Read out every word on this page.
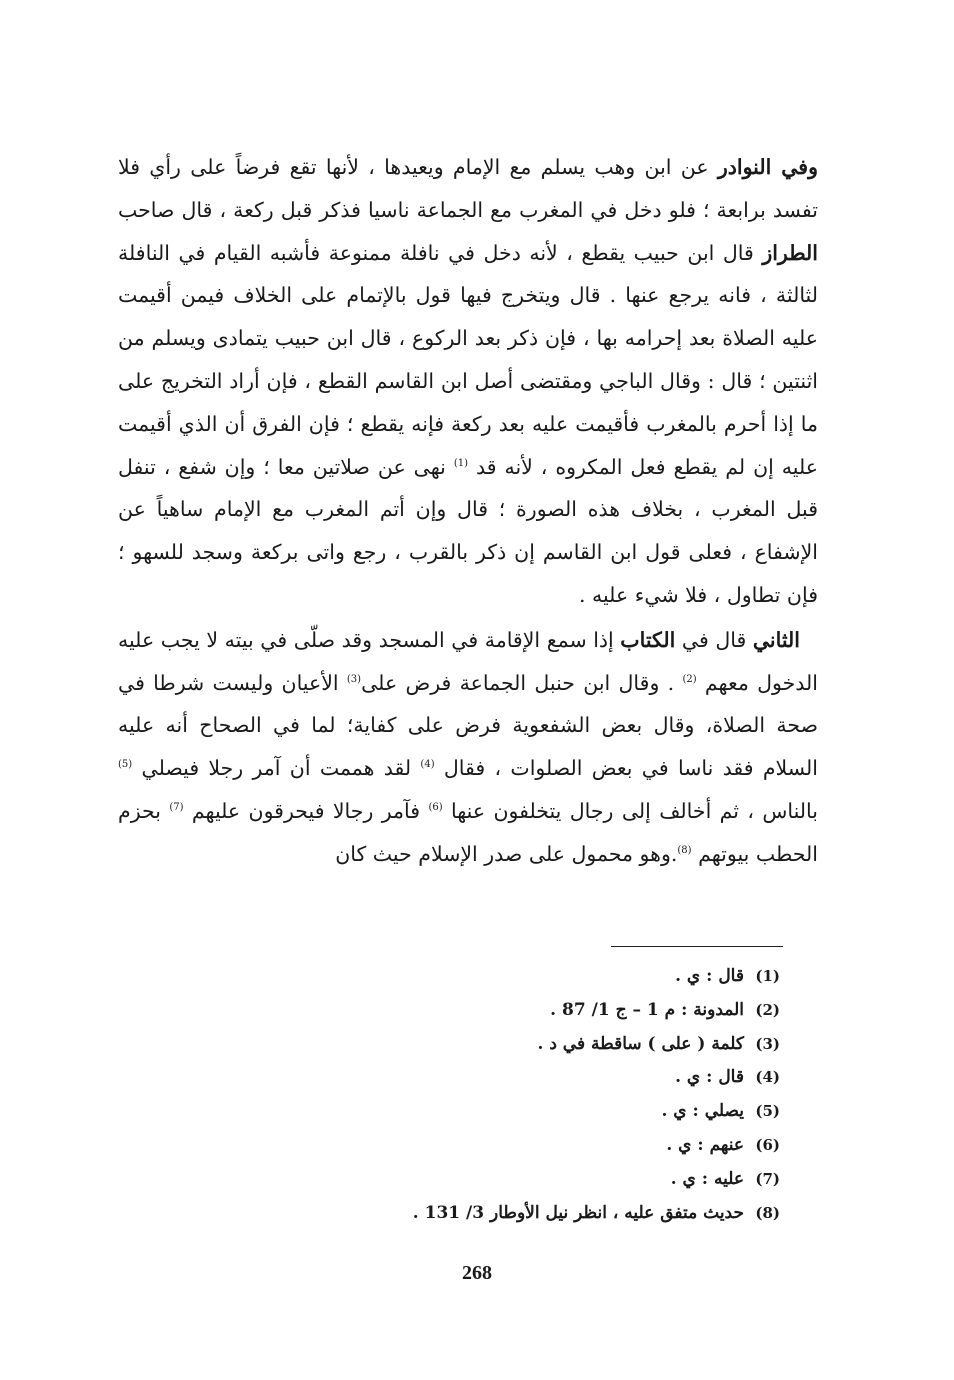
وفي النوادر عن ابن وهب يسلم مع الإمام ويعيدها ، لأنها تقع فرضاً على رأي فلا تفسد برابعة ؛ فلو دخل في المغرب مع الجماعة ناسيا فذكر قبل ركعة ، قال صاحب الطراز قال ابن حبيب يقطع ، لأنه دخل في نافلة ممنوعة فأشبه القيام في النافلة لثالثة ، فانه يرجع عنها . قال ويتخرج فيها قول بالإتمام على الخلاف فيمن أقيمت عليه الصلاة بعد إحرامه بها ، فإن ذكر بعد الركوع ، قال ابن حبيب يتمادى ويسلم من اثنتين ؛ قال : وقال الباجي ومقتضى أصل ابن القاسم القطع ، فإن أراد التخريج على ما إذا أحرم بالمغرب فأقيمت عليه بعد ركعة فإنه يقطع ؛ فإن الفرق أن الذي أقيمت عليه إن لم يقطع فعل المكروه ، لأنه قد $^{(1)}$ نهى عن صلاتين معا ؛ وإن شفع ، تنفل قبل المغرب ، بخلاف هذه الصورة ؛ قال وإن أتم المغرب مع الإمام ساهياً عن الإشفاع ، فعلى قول ابن القاسم إن ذكر بالقرب ، رجع واتى بركعة وسجد للسهو ؛ فإن تطاول ، فلا شيء عليه .

الثاني قال في الكتاب إذا سمع الإقامة في المسجد وقد صلّى في بيته لا يجب عليه الدخول معهم $^{(2)}$ . وقال ابن حنبل الجماعة فرض على$^{(3)}$ الأعيان وليست شرطا في صحة الصلاة، وقال بعض الشفعوية فرض على كفاية؛ لما في الصحاح أنه عليه السلام فقد ناسا في بعض الصلوات ، فقال $^{(4)}$ لقد هممت أن آمر رجلا فيصلي $^{(5)}$ بالناس ، ثم أخالف إلى رجال يتخلفون عنها $^{(6)}$ فآمر رجالا فيحرقون عليهم $^{(7)}$ بحزم الحطب بيوتهم $^{(8)}$.وهو محمول على صدر الإسلام حيث كان

(1)
قال : ي .
(2)
المدونة : م 1 – ج 1/ 87 .
(3)
كلمة ( على ) ساقطة في د .
(4)
قال : ي .
(5)
يصلي : ي .
(6)
عنهم : ي .
(7)
عليه : ي .
(8)
حديث متفق عليه ، انظر نيل الأوطار 3/ 131 .
268
